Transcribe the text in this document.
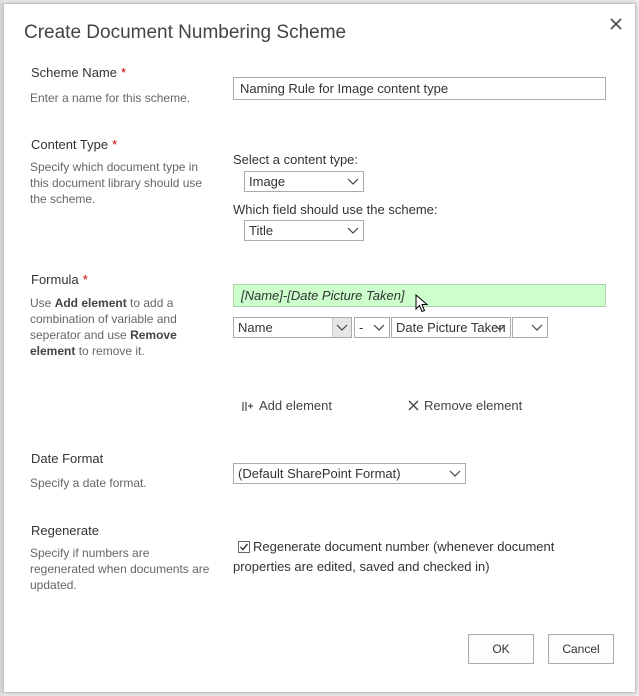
Create Document Numbering Scheme
Scheme Name *
Enter a name for this scheme.
Naming Rule for Image content type
Content Type *
Specify which document type in this document library should use the scheme.
Select a content type:
Image
Which field should use the scheme:
Title
Formula *
Use Add element to add a combination of variable and seperator and use Remove element to remove it.
[Name]-[Date Picture Taken]
Name	-	Date Picture Taken
Add element	Remove element
Date Format
Specify a date format.
(Default SharePoint Format)
Regenerate
Specify if numbers are regenerated when documents are updated.
Regenerate document number (whenever document properties are edited, saved and checked in)
OK	Cancel
